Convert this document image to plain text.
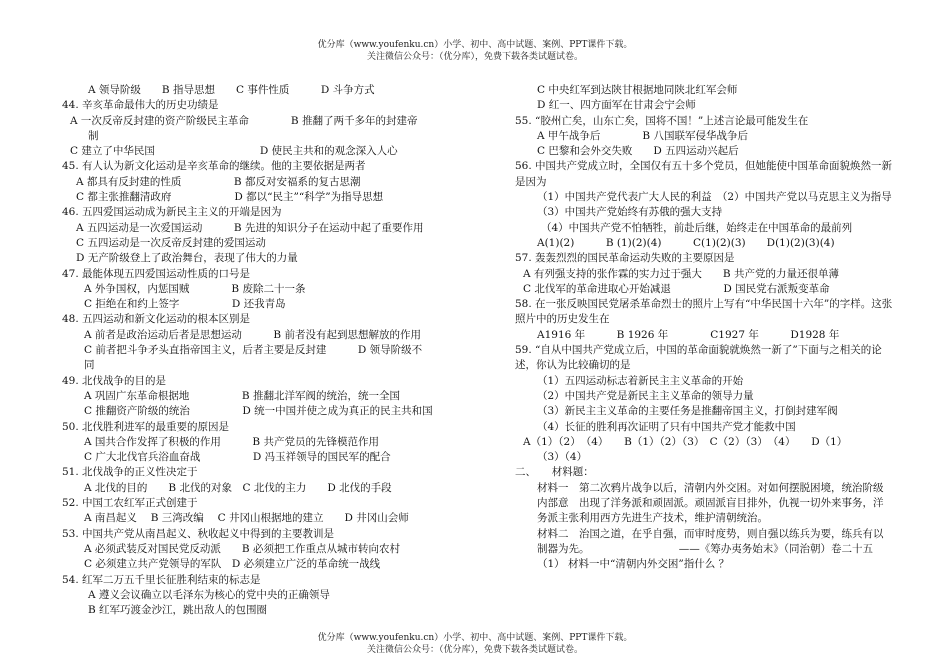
优分库（www.youfenku.cn）小学、初中、高中试题、案例、PPT课件下载。
关注微信公众号：（优分库），免费下载各类试题试卷。
A 领导阶级　　B 指导思想　　C 事件性质　　　D 斗争方式
44. 辛亥革命最伟大的历史功绩是
A 一次反帝反封建的资产阶级民主革命　　　　B 推翻了两千多年的封建帝
制
C 建立了中华民国　　　　　　　　　　D 使民主共和的观念深入人心
45. 有人认为新文化运动是辛亥革命的继续。他的主要依据是两者
A 都具有反封建的性质　　　　　B 都反对安福系的复古思潮
C 都主张推翻清政府　　　　　　D 都以“民主”“科学”为指导思想
46. 五四爱国运动成为新民主主义的开端是因为
A 五四运动是一次爱国运动　　　B 先进的知识分子在运动中起了重要作用
C 五四运动是一次反帝反封建的爱国运动
D 无产阶级登上了政治舞台，表现了伟大的力量
47. 最能体现五四爱国运动性质的口号是
A 外争国权，内惩国贼　　　　B 废除二十一条
C 拒绝在和约上签字　　　　　D 还我青岛
48. 五四运动和新文化运动的根本区别是
A 前者是政治运动后者是思想运动　　　B 前者没有起到思想解放的作用
C 前者把斗争矛头直指帝国主义，后者主要是反封建　　　D 领导阶级不
同
49. 北伐战争的目的是
A 巩固广东革命根据地　　　　　B 推翻北洋军阀的统治，统一全国
C 推翻资产阶级的统治　　　　　D 统一中国并使之成为真正的民主共和国
50. 北伐胜利进军的最重要的原因是
A 国共合作发挥了积极的作用　　　B 共产党员的先锋模范作用
C 广大北伐官兵浴血奋战　　　　　D 冯玉祥领导的国民军的配合
51. 北伐战争的正义性决定于
A 北伐的目的　　B 北伐的对象　C 北伐的主力　　D 北伐的手段
52. 中国工农红军正式创建于
A 南昌起义　 B 三湾改编　 C 井冈山根据地的建立　　D 井冈山会师
53. 中国共产党从南昌起义、秋收起义中得到的主要教训是
A 必须武装反对国民党反动派　　B 必须把工作重点从城市转向农村
C 必须建立共产党领导的军队　D 必须建立广泛的革命统一战线
54. 红军二万五千里长征胜利结束的标志是
A 遵义会议确立以毛泽东为核心的党中央的正确领导
B 红军巧渡金沙江，跳出敌人的包围圈
C 中央红军到达陕甘根据地同陕北红军会师
D 红一、四方面军在甘肃会宁会师
55. “胶州亡矣，山东亡矣，国将不国！”上述言论最可能发生在
A 甲午战争后　　　　B 八国联军侵华战争后
C 巴黎和会外交失败　　D 五四运动兴起后
56. 中国共产党成立时，全国仅有五十多个党员，但她能使中国革命面貌焕然一新是因为
（1）中国共产党代表广大人民的利益　（2）中国共产党以马克思主义为指导
（3）中国共产党始终有苏俄的强大支持
（4）中国共产党不怕牺牲，前赴后继，始终走在中国革命的最前列
A(1)(2)　　　B (1)(2)(4)　　　C(1)(2)(3)　　D(1)(2)(3)(4)
57. 轰轰烈烈的国民革命运动失败的主要原因是
A 有列强支持的张作霖的实力过于强大　　B 共产党的力量还很单薄
C 北伐军的革命进取心开始减退　　　　　D 国民党右派叛变革命
58. 在一张反映国民党屠杀革命烈士的照片上写有“中华民国十六年”的字样。这张照片中的历史发生在
A1916 年　　　B 1926 年　　　　C1927 年　　　D1928 年
59. “自从中国共产党成立后，中国的革命面貌就焕然一新了”下面与之相关的论述，你认为比较确切的是
（1）五四运动标志着新民主主义革命的开始
（2）中国共产党是新民主主义革命的领导力量
（3）新民主主义革命的主要任务是推翻帝国主义，打倒封建军阀
（4）长征的胜利再次证明了只有中国共产党才能救中国
A（1）（2）　（4）　　B（1）（2）（3）　C（2）（3）　（4）　　D（1）
（3）（4）
二、　　材料题：
材料一　第二次鸦片战争以后，清朝内外交困。对如何摆脱困境，统治阶级内部意　出现了洋务派和顽固派。顽固派盲目排外，仇视一切外来事务，洋务派主张利用西方先进生产技术，维护清朝统治。
材料二　治国之道，在乎自强，而审时度势，则自强以练兵为要，练兵有以制器为先。　　　　　　　　　——《筹办夷务始末》（同治朝）卷二十五
（1） 材料一中“清朝内外交困”指什么 ？
优分库（www.youfenku.cn）小学、初中、高中试题、案例、PPT课件下载。
关注微信公众号：（优分库），免费下载各类试题试卷。
